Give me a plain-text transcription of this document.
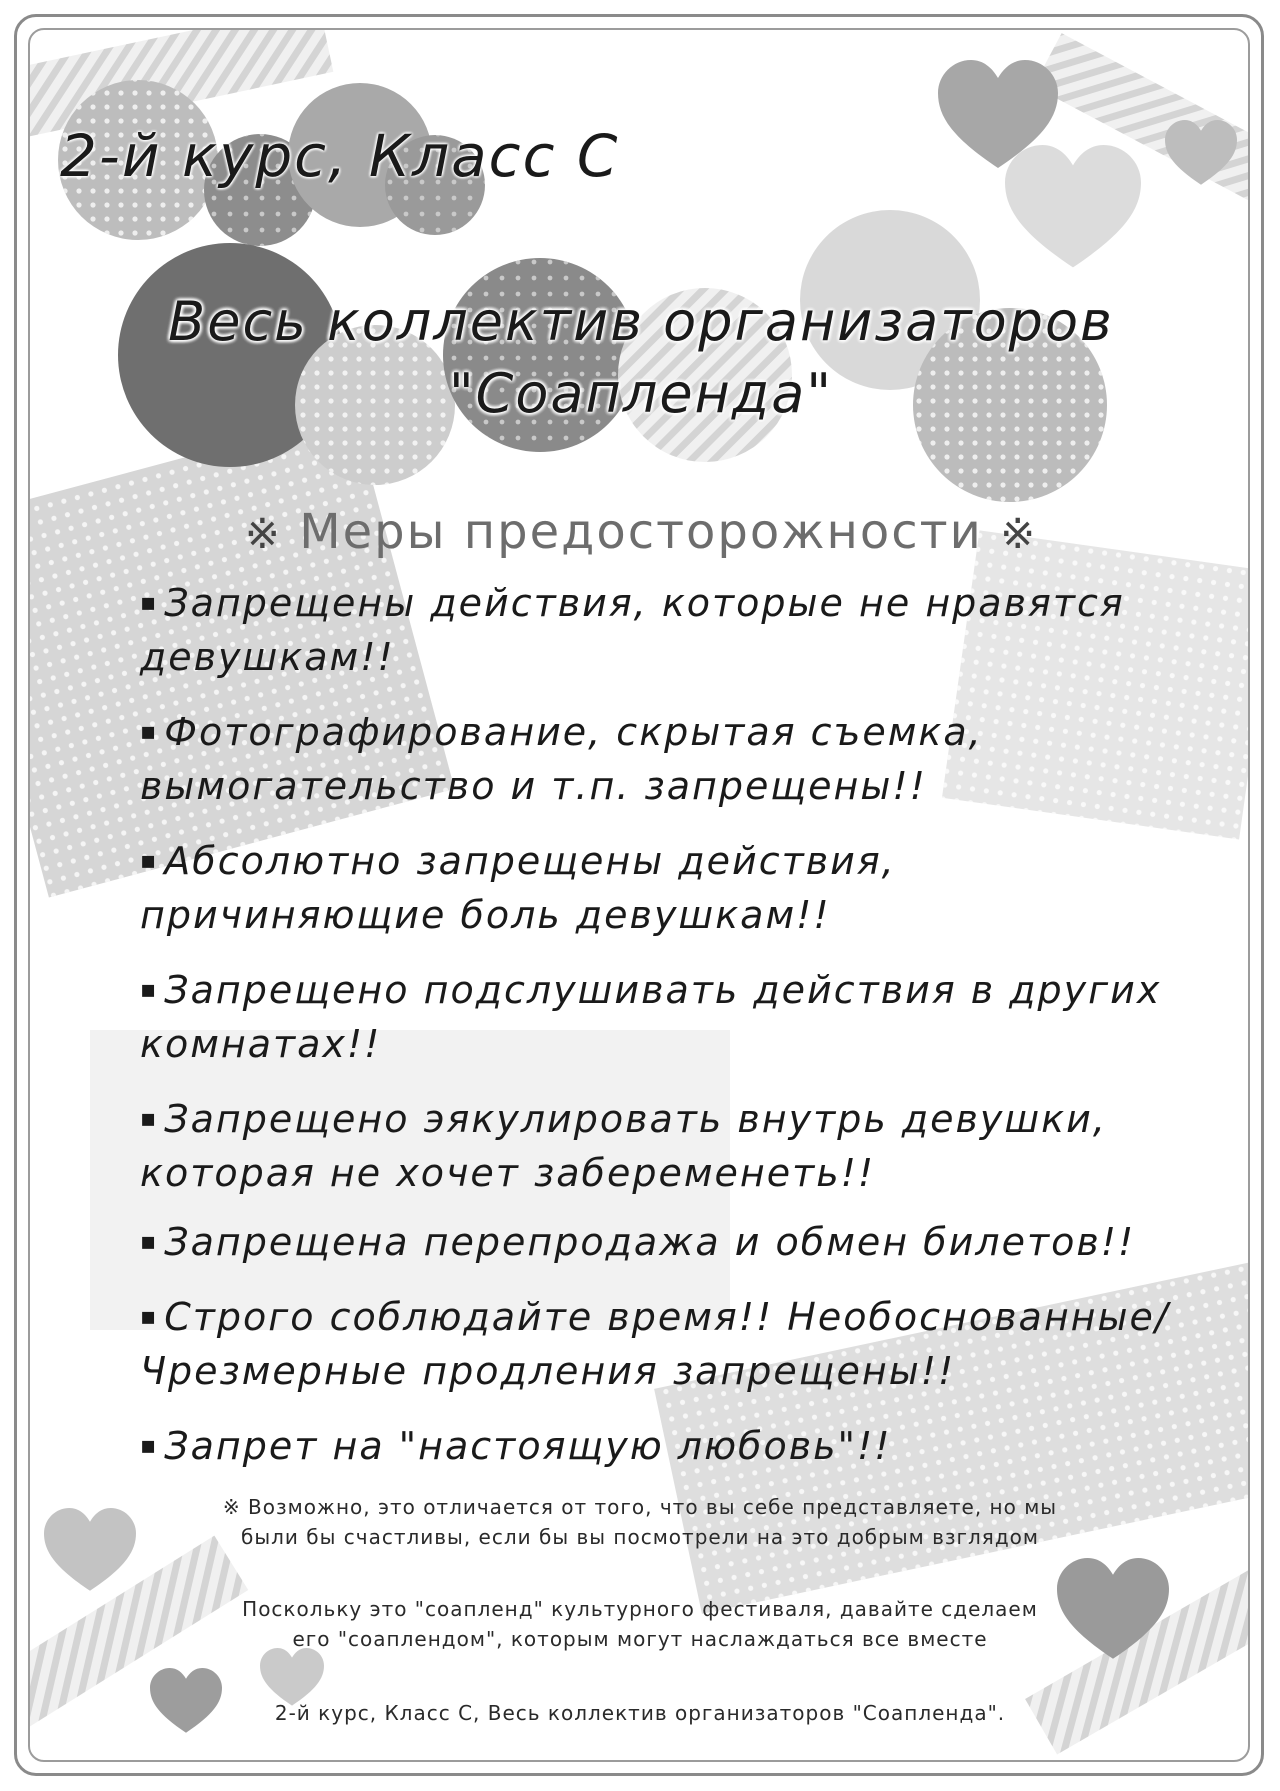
2-й курс, Класс С
Весь коллектив организаторов
"Соапленда"
※ Меры предосторожности ※
▪ Запрещены действия, которые не нравятся девушкам!!
▪ Фотографирование, скрытая съемка, вымогательство и т.п. запрещены!!
▪ Абсолютно запрещены действия, причиняющие боль девушкам!!
▪ Запрещено подслушивать действия в других комнатах!!
▪ Запрещено эякулировать внутрь девушки, которая не хочет забеременеть!!
▪ Запрещена перепродажа и обмен билетов!!
▪ Строго соблюдайте время!! Необоснованные/Чрезмерные продления запрещены!!
▪ Запрет на "настоящую любовь"!!
※ Возможно, это отличается от того, что вы себе представляете, но мы были бы счастливы, если бы вы посмотрели на это добрым взглядом
Поскольку это "соапленд" культурного фестиваля, давайте сделаем его "соаплендом", которым могут наслаждаться все вместе
2-й курс, Класс С, Весь коллектив организаторов "Соапленда".
